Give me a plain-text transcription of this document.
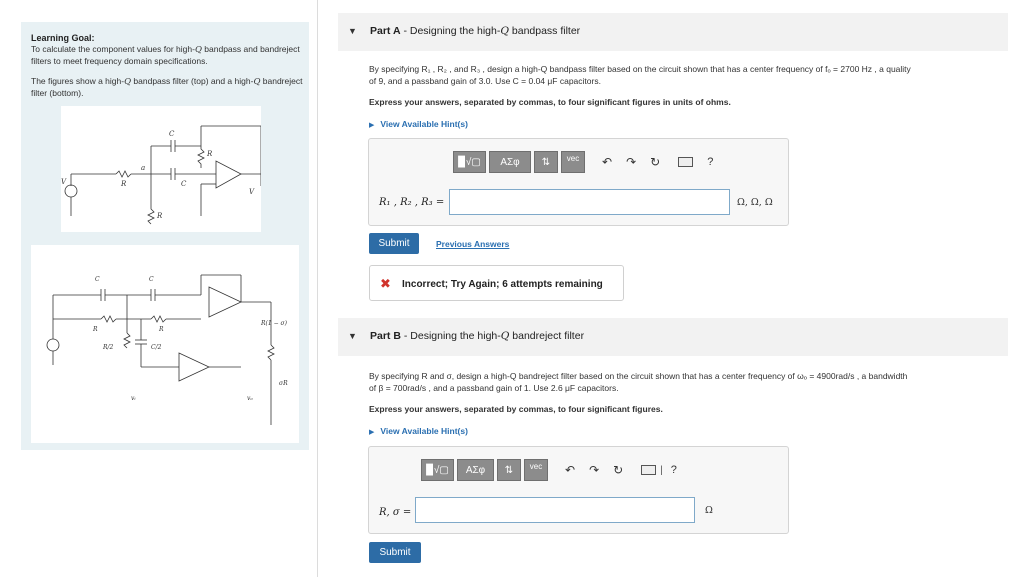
Learning Goal:
To calculate the component values for high-Q bandpass and bandreject filters to meet frequency domain specifications.
The figures show a high-Q bandpass filter (top) and a high-Q bandreject filter (bottom).
C
R
a
R	C
R
V
V
C	C
R	R
R/2	C/2
R(1 − σ)
σR
vᵢ	vₒ
▼ Part A - Designing the high-Q bandpass filter
By specifying R₁ , R₂ , and R₃ , design a high-Q bandpass filter based on the circuit shown that has a center frequency of fₒ = 2700 Hz , a quality
of 9, and a passband gain of 3.0. Use C = 0.04 μF capacitors.
Express your answers, separated by commas, to four significant figures in units of ohms.
▶ View Available Hint(s)
▉√▢	ΑΣφ	⇅	vec	↶ ↷ ↻	?
R₁ , R₂ , R₃ =	Ω, Ω, Ω
Submit	Previous Answers
✖ Incorrect; Try Again; 6 attempts remaining
▼ Part B - Designing the high-Q bandreject filter
By specifying R and σ, design a high-Q bandreject filter based on the circuit shown that has a center frequency of ωₒ = 4900rad/s , a bandwidth
of β = 700rad/s , and a passband gain of 1. Use 2.6 μF capacitors.
Express your answers, separated by commas, to four significant figures.
▶ View Available Hint(s)
▉√▢	ΑΣφ	⇅	vec	↶ ↷ ↻	| ?
R, σ =	Ω
Submit
